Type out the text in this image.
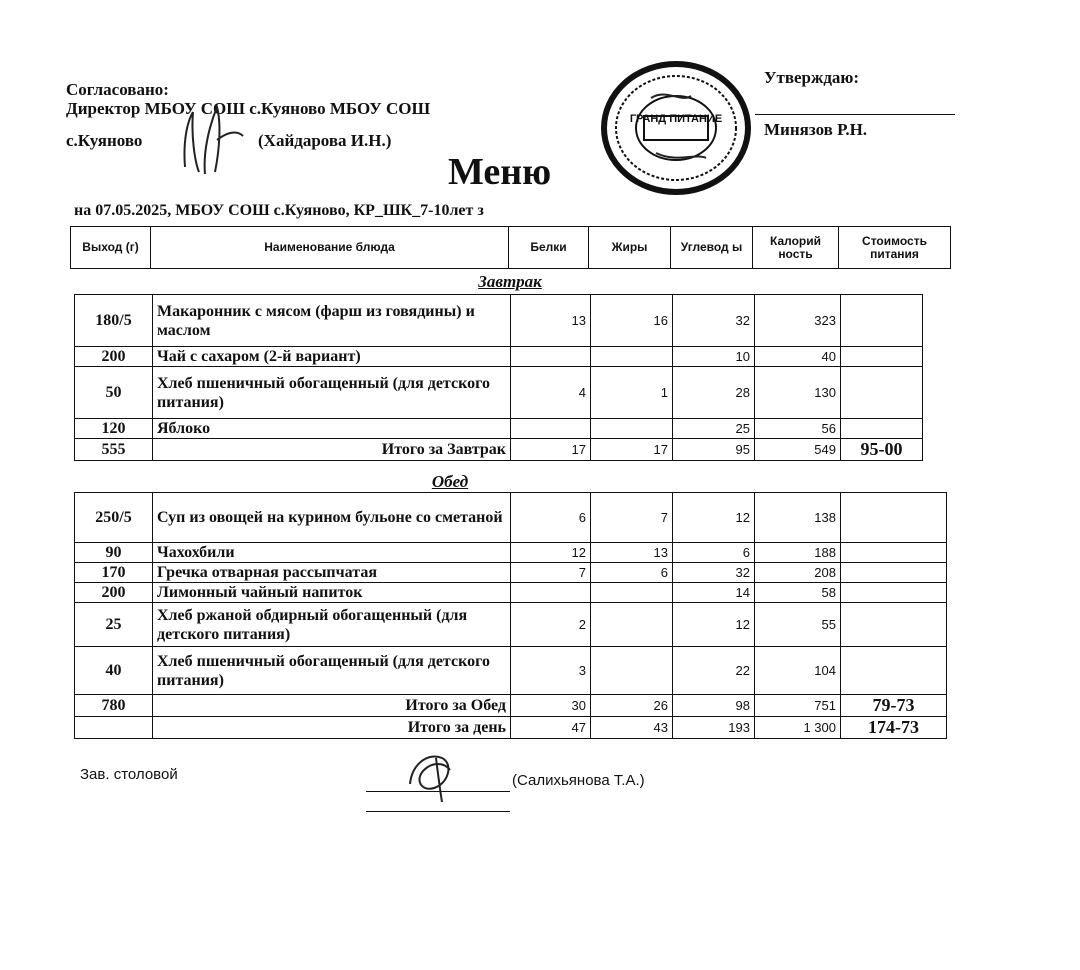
Согласовано:
Директор МБОУ СОШ с.Куяново МБОУ СОШ
с.Куяново	(Хайдарова И.Н.)
Утверждаю:
Минязов Р.Н.
ГРАНД ПИТАНИЕ
Меню
на 07.05.2025, МБОУ СОШ с.Куяново, КР_ШК_7-10лет з
Выход (г)	Наименование блюда	Белки	Жиры	Углевод ы	Калорий ность	Стоимость питания
Завтрак
180/5	Макаронник с мясом (фарш из говядины) и маслом	13	16	32	323	
200	Чай с сахаром (2-й вариант)			10	40	
50	Хлеб пшеничный обогащенный (для детского питания)	4	1	28	130	
120	Яблоко			25	56	
555	Итого за Завтрак	17	17	95	549	95-00
Обед
250/5	Суп из овощей на курином бульоне со сметаной	6	7	12	138	
90	Чахохбили	12	13	6	188	
170	Гречка отварная рассыпчатая	7	6	32	208	
200	Лимонный чайный напиток			14	58	
25	Хлеб ржаной обдирный обогащенный (для детского питания)	2		12	55	
40	Хлеб пшеничный обогащенный (для детского питания)	3		22	104	
780	Итого за Обед	30	26	98	751	79-73
	Итого за день	47	43	193	1 300	174-73
Зав. столовой	(Салихьянова Т.А.)
